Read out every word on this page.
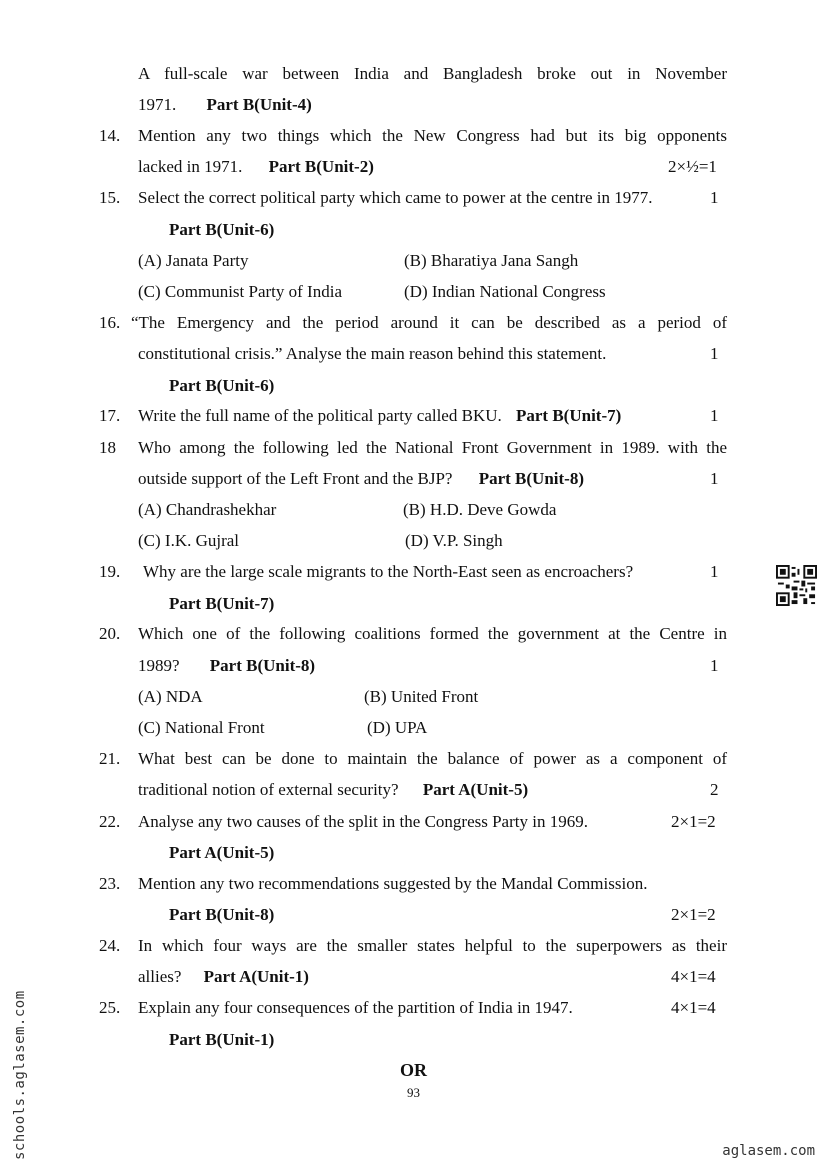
A full-scale war between India and Bangladesh broke out in November
1971. Part B(Unit-4)
14. Mention any two things which the New Congress had but its big opponents
lacked in 1971. Part B(Unit-2)	2×½=1
15. Select the correct political party which came to power at the centre in 1977.	1
Part B(Unit-6)
(A) Janata Party	(B) Bharatiya Jana Sangh
(C) Communist Party of India	(D) Indian National Congress
16. “The Emergency and the period around it can be described as a period of
constitutional crisis.” Analyse the main reason behind this statement.	1
Part B(Unit-6)
17. Write the full name of the political party called BKU. Part B(Unit-7)	1
18 Who among the following led the National Front Government in 1989. with the
outside support of the Left Front and the BJP? Part B(Unit-8)	1
(A) Chandrashekhar	(B) H.D. Deve Gowda
(C) I.K. Gujral	(D) V.P. Singh
19. Why are the large scale migrants to the North-East seen as encroachers?	1
Part B(Unit-7)
20. Which one of the following coalitions formed the government at the Centre in
1989? Part B(Unit-8)	1
(A) NDA	(B) United Front
(C) National Front	(D) UPA
21. What best can be done to maintain the balance of power as a component of
traditional notion of external security? Part A(Unit-5)	2
22. Analyse any two causes of the split in the Congress Party in 1969.	2×1=2
Part A(Unit-5)
23. Mention any two recommendations suggested by the Mandal Commission.
Part B(Unit-8)	2×1=2
24. In which four ways are the smaller states helpful to the superpowers as their
allies? Part A(Unit-1)	4×1=4
25. Explain any four consequences of the partition of India in 1947.	4×1=4
Part B(Unit-1)
OR
93
schools.aglasem.com	aglasem.com
